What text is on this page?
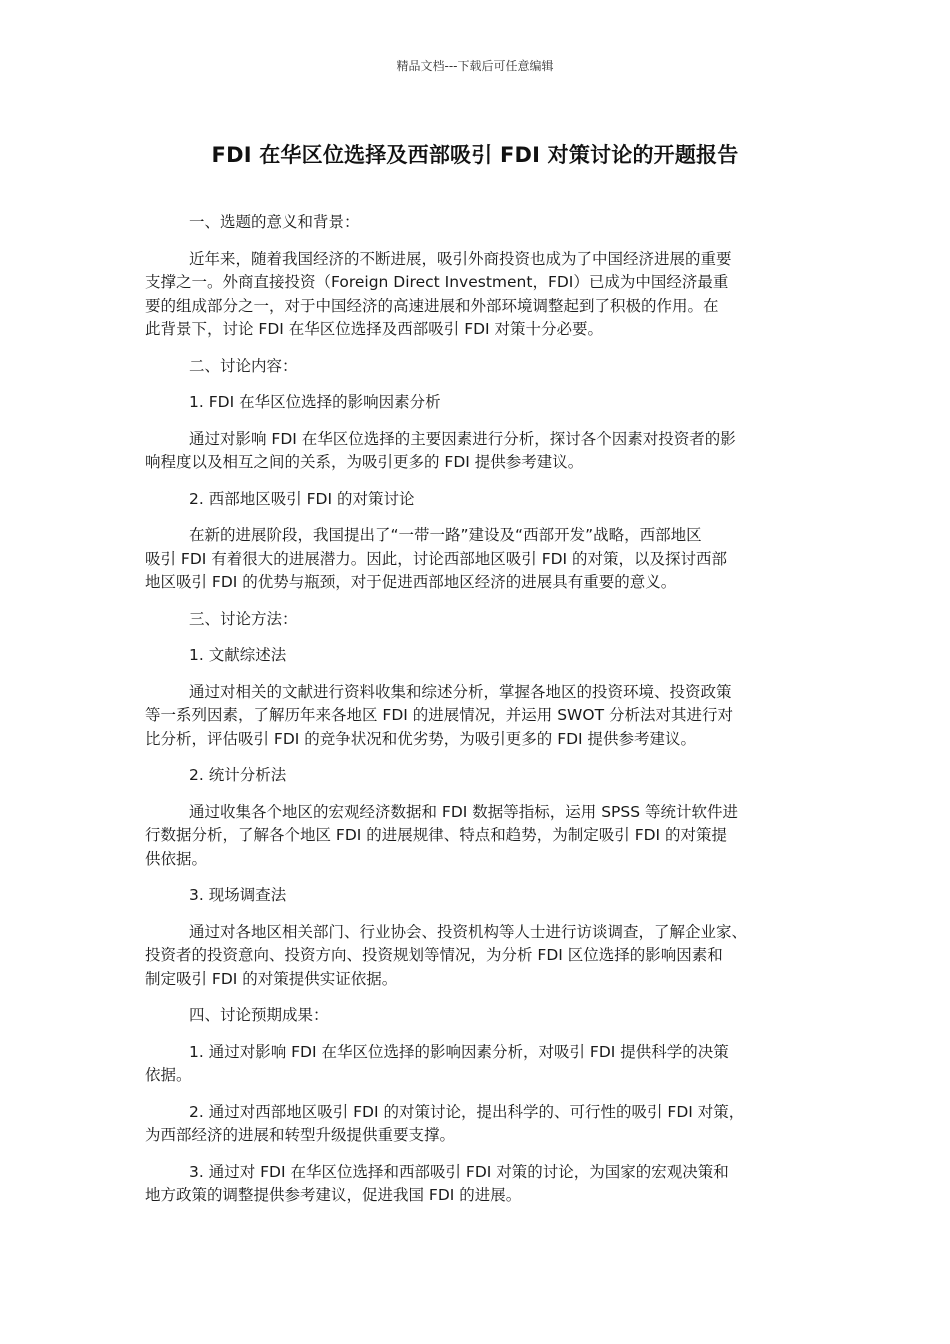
精品文档---下载后可任意编辑
FDI 在华区位选择及西部吸引 FDI 对策讨论的开题报告
一、选题的意义和背景：
近年来，随着我国经济的不断进展，吸引外商投资也成为了中国经济进展的重要
支撑之一。外商直接投资（Foreign Direct Investment，FDI）已成为中国经济最重
要的组成部分之一，对于中国经济的高速进展和外部环境调整起到了积极的作用。在
此背景下，讨论 FDI 在华区位选择及西部吸引 FDI 对策十分必要。
二、讨论内容：
1. FDI 在华区位选择的影响因素分析
通过对影响 FDI 在华区位选择的主要因素进行分析，探讨各个因素对投资者的影
响程度以及相互之间的关系，为吸引更多的 FDI 提供参考建议。
2. 西部地区吸引 FDI 的对策讨论
在新的进展阶段，我国提出了“一带一路”建设及“西部开发”战略，西部地区
吸引 FDI 有着很大的进展潜力。因此，讨论西部地区吸引 FDI 的对策，以及探讨西部
地区吸引 FDI 的优势与瓶颈，对于促进西部地区经济的进展具有重要的意义。
三、讨论方法：
1. 文献综述法
通过对相关的文献进行资料收集和综述分析，掌握各地区的投资环境、投资政策
等一系列因素，了解历年来各地区 FDI 的进展情况，并运用 SWOT 分析法对其进行对
比分析，评估吸引 FDI 的竞争状况和优劣势，为吸引更多的 FDI 提供参考建议。
2. 统计分析法
通过收集各个地区的宏观经济数据和 FDI 数据等指标，运用 SPSS 等统计软件进
行数据分析，了解各个地区 FDI 的进展规律、特点和趋势，为制定吸引 FDI 的对策提
供依据。
3. 现场调查法
通过对各地区相关部门、行业协会、投资机构等人士进行访谈调查，了解企业家、
投资者的投资意向、投资方向、投资规划等情况，为分析 FDI 区位选择的影响因素和
制定吸引 FDI 的对策提供实证依据。
四、讨论预期成果：
1. 通过对影响 FDI 在华区位选择的影响因素分析，对吸引 FDI 提供科学的决策
依据。
2. 通过对西部地区吸引 FDI 的对策讨论，提出科学的、可行性的吸引 FDI 对策，
为西部经济的进展和转型升级提供重要支撑。
3. 通过对 FDI 在华区位选择和西部吸引 FDI 对策的讨论，为国家的宏观决策和
地方政策的调整提供参考建议，促进我国 FDI 的进展。
